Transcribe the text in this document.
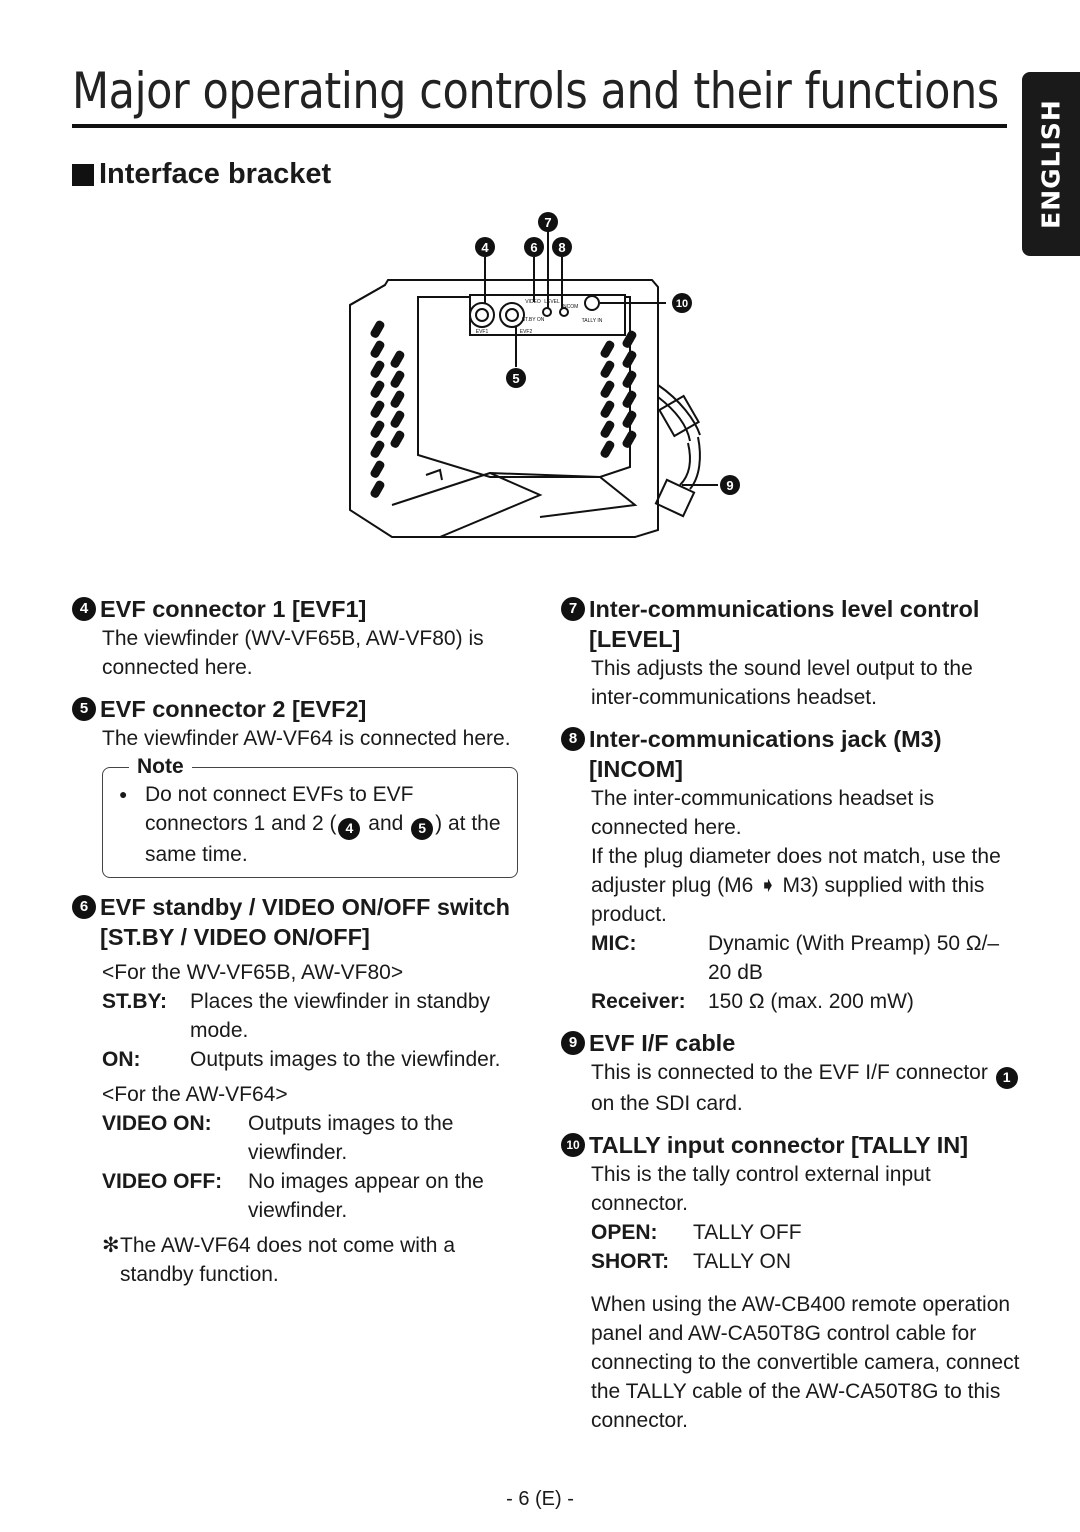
Major operating controls and their functions
ENGLISH
Interface bracket
4	6
7
8
10
5
9
EVF1	EVF2
VIDEO
ST.BY ON
LEVEL
INCOM
TALLY IN
4 EVF connector 1 [EVF1]
The viewfinder (WV-VF65B, AW-VF80) is connected here.
5 EVF connector 2 [EVF2]
The viewfinder AW-VF64 is connected here.
Note
● Do not connect EVFs to EVF connectors 1 and 2 ( 4 and 5 ) at the same time.
6 EVF standby / VIDEO ON/OFF switch
[ST.BY / VIDEO ON/OFF]
<For the WV-VF65B, AW-VF80>
ST.BY:	Places the viewfinder in standby mode.
ON:	Outputs images to the viewfinder.
<For the AW-VF64>
VIDEO ON:	Outputs images to the viewfinder.
VIDEO OFF:	No images appear on the viewfinder.
✻ The AW-VF64 does not come with a standby function.
7 Inter-communications level control [LEVEL]
This adjusts the sound level output to the inter-communications headset.
8 Inter-communications jack (M3) [INCOM]
The inter-communications headset is connected here.
If the plug diameter does not match, use the adjuster plug (M6 ➧ M3) supplied with this product.
MIC:	Dynamic (With Preamp) 50 Ω/–20 dB
Receiver:	150 Ω (max. 200 mW)
9 EVF I/F cable
This is connected to the EVF I/F connector 1 on the SDI card.
10 TALLY input connector [TALLY IN]
This is the tally control external input connector.
OPEN:	TALLY OFF
SHORT:	TALLY ON
When using the AW-CB400 remote operation panel and AW-CA50T8G control cable for connecting to the convertible camera, connect the TALLY cable of the AW-CA50T8G to this connector.
- 6 (E) -
